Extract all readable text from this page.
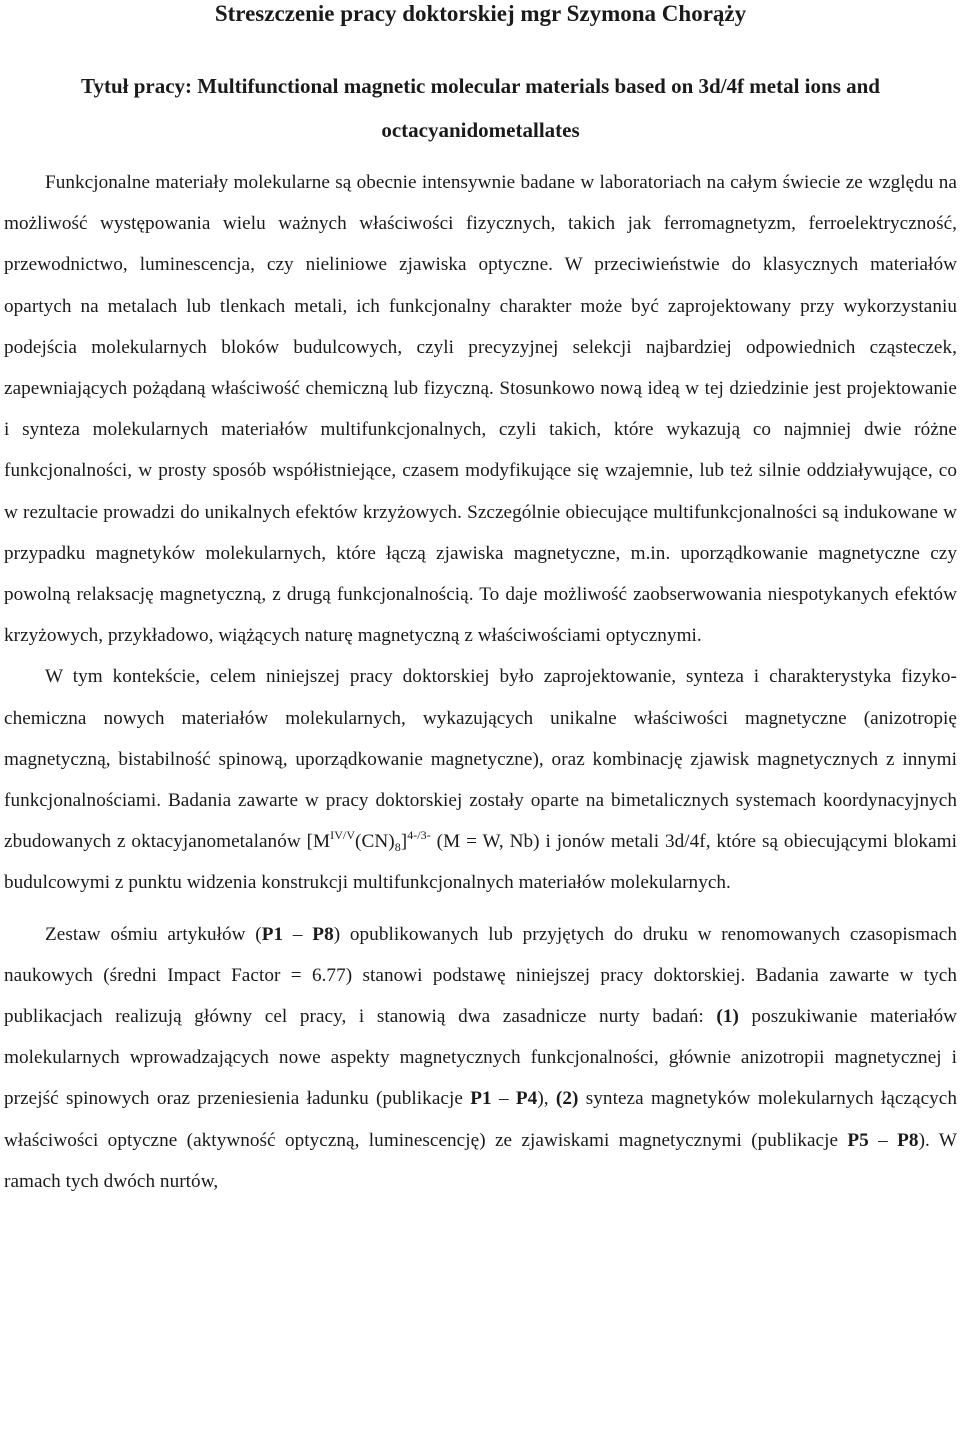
Streszczenie pracy doktorskiej mgr Szymona Chorąży
Tytuł pracy: Multifunctional magnetic molecular materials based on 3d/4f metal ions and octacyanidometallates

Funkcjonalne materiały molekularne są obecnie intensywnie badane w laboratoriach na całym świecie ze względu na możliwość występowania wielu ważnych właściwości fizycznych, takich jak ferromagnetyzm, ferroelektryczność, przewodnictwo, luminescencja, czy nieliniowe zjawiska optyczne. W przeciwieństwie do klasycznych materiałów opartych na metalach lub tlenkach metali, ich funkcjonalny charakter może być zaprojektowany przy wykorzystaniu podejścia molekularnych bloków budulcowych, czyli precyzyjnej selekcji najbardziej odpowiednich cząsteczek, zapewniających pożądaną właściwość chemiczną lub fizyczną. Stosunkowo nową ideą w tej dziedzinie jest projektowanie i synteza molekularnych materiałów multifunkcjonalnych, czyli takich, które wykazują co najmniej dwie różne funkcjonalności, w prosty sposób współistniejące, czasem modyfikujące się wzajemnie, lub też silnie oddziaływujące, co w rezultacie prowadzi do unikalnych efektów krzyżowych. Szczególnie obiecujące multifunkcjonalności są indukowane w przypadku magnetyków molekularnych, które łączą zjawiska magnetyczne, m.in. uporządkowanie magnetyczne czy powolną relaksację magnetyczną, z drugą funkcjonalnością. To daje możliwość zaobserwowania niespotykanych efektów krzyżowych, przykładowo, wiążących naturę magnetyczną z właściwościami optycznymi.

W tym kontekście, celem niniejszej pracy doktorskiej było zaprojektowanie, synteza i charakterystyka fizyko-chemiczna nowych materiałów molekularnych, wykazujących unikalne właściwości magnetyczne (anizotropię magnetyczną, bistabilność spinową, uporządkowanie magnetyczne), oraz kombinację zjawisk magnetycznych z innymi funkcjonalnościami. Badania zawarte w pracy doktorskiej zostały oparte na bimetalicznych systemach koordynacyjnych zbudowanych z oktacyjanometalanów $[M^{IV/V}(CN)_8]^{4-/3-}$ (M = W, Nb) i jonów metali 3d/4f, które są obiecującymi blokami budulcowymi z punktu widzenia konstrukcji multifunkcjonalnych materiałów molekularnych.

Zestaw ośmiu artykułów (P1 – P8) opublikowanych lub przyjętych do druku w renomowanych czasopismach naukowych (średni Impact Factor = 6.77) stanowi podstawę niniejszej pracy doktorskiej. Badania zawarte w tych publikacjach realizują główny cel pracy, i stanowią dwa zasadnicze nurty badań: (1) poszukiwanie materiałów molekularnych wprowadzających nowe aspekty magnetycznych funkcjonalności, głównie anizotropii magnetycznej i przejść spinowych oraz przeniesienia ładunku (publikacje P1 – P4), (2) synteza magnetyków molekularnych łączących właściwości optyczne (aktywność optyczną, luminescencję) ze zjawiskami magnetycznymi (publikacje P5 – P8). W ramach tych dwóch nurtów,
